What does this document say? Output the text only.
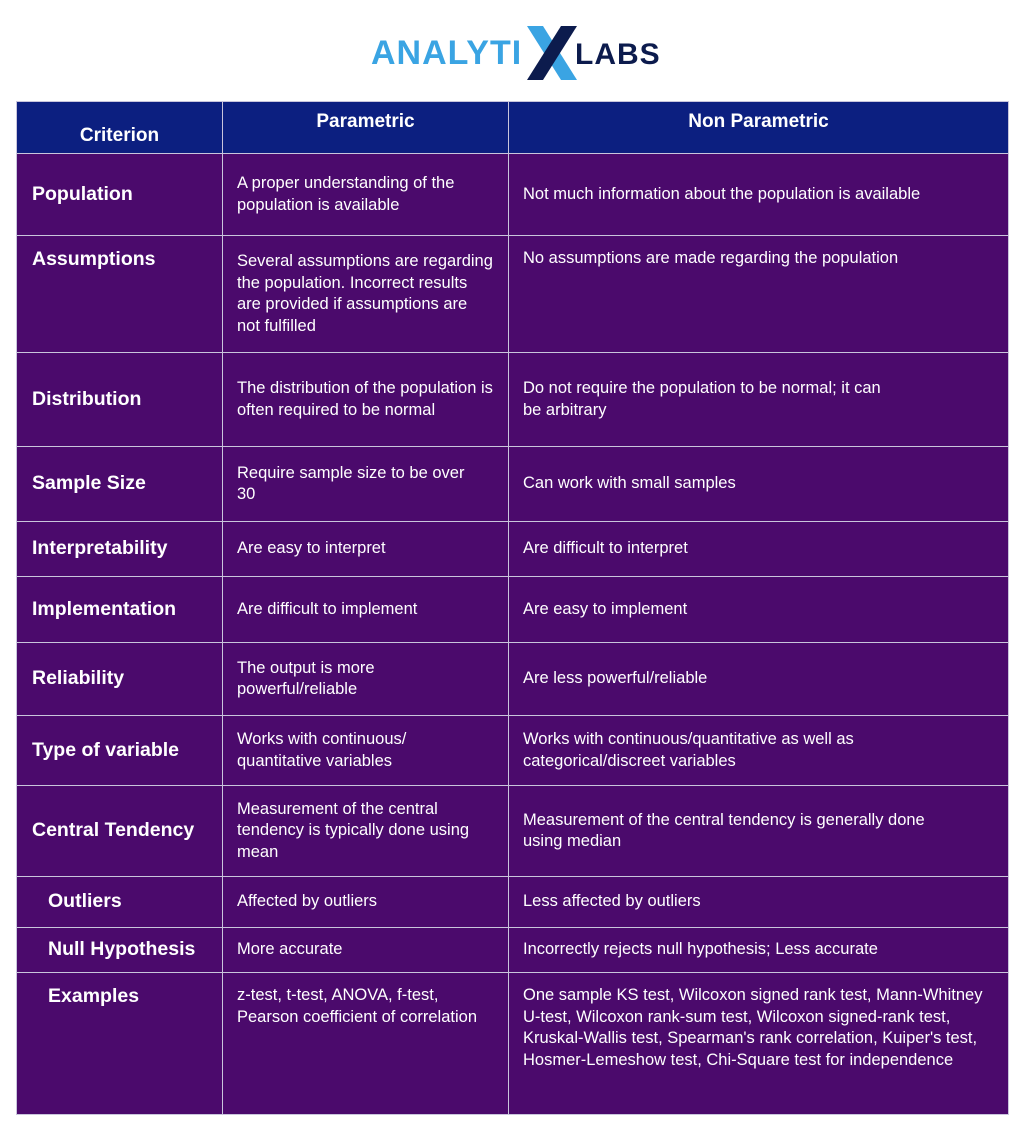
ANALYTI
X
LABS
Criterion	Parametric	Non Parametric
Population	A proper understanding of the population is available	Not much information about the population is available
Assumptions	Several assumptions are regarding the population. Incorrect results are provided if assumptions are not fulfilled	No assumptions are made regarding the population
Distribution	The distribution of the population is often required to be normal	Do not require the population to be normal; it can be arbitrary
Sample Size	Require sample size to be over 30	Can work with small samples
Interpretability	Are easy to interpret	Are difficult to interpret
Implementation	Are difficult to implement	Are easy to implement
Reliability	The output is more powerful/reliable	Are less powerful/reliable
Type of variable	Works with continuous/ quantitative variables	Works with continuous/quantitative as well as categorical/discreet variables
Central Tendency	Measurement of the central tendency is typically done using mean	Measurement of the central tendency is generally done using median
Outliers	Affected by outliers	Less affected by outliers
Null Hypothesis	More accurate	Incorrectly rejects null hypothesis; Less accurate
Examples	z-test, t-test, ANOVA, f-test, Pearson coefficient of correlation	One sample KS test, Wilcoxon signed rank test, Mann-Whitney U-test, Wilcoxon rank-sum test, Wilcoxon signed-rank test, Kruskal-Wallis test, Spearman's rank correlation, Kuiper's test, Hosmer-Lemeshow test, Chi-Square test for independence
